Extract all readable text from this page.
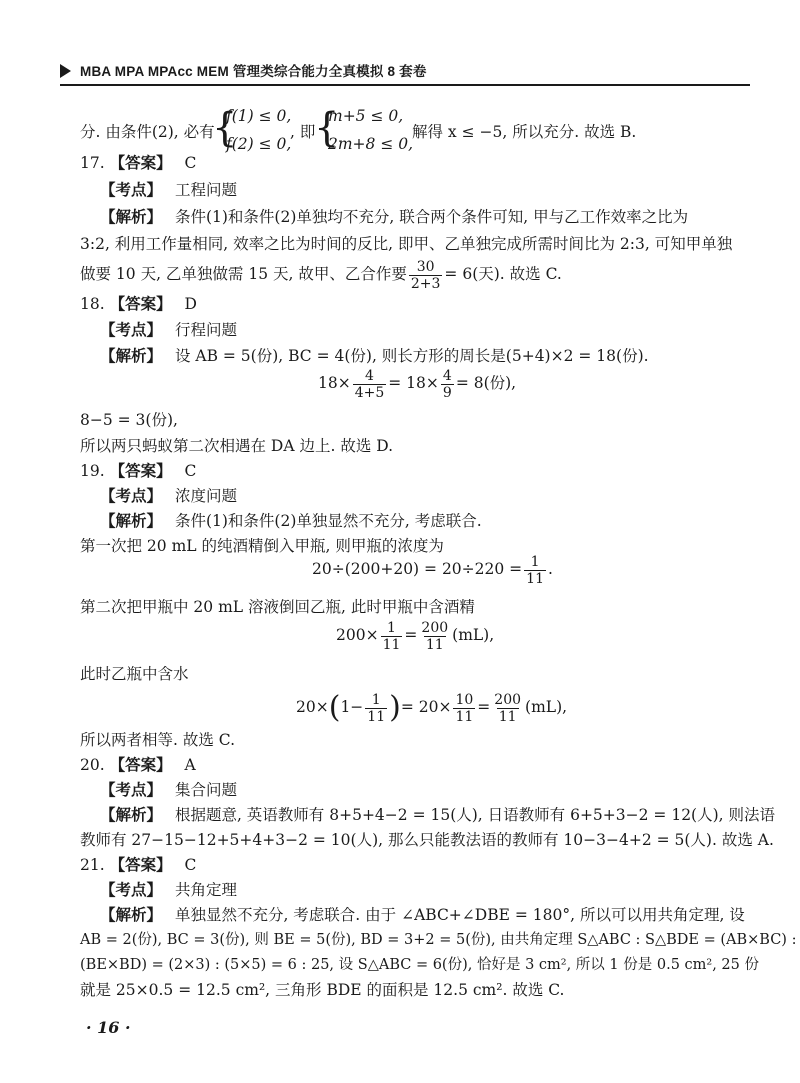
MBA MPA MPAcc MEM 管理类综合能力全真模拟 8 套卷
分. 由条件(2), 必有
{
f(1) ≤ 0,
f(2) ≤ 0,
, 即
{
m+5 ≤ 0,
2m+8 ≤ 0,
解得 x ≤ −5, 所以充分. 故选 B.
17. 【答案】 C
【考点】 工程问题
【解析】 条件(1)和条件(2)单独均不充分, 联合两个条件可知, 甲与乙工作效率之比为
3:2, 利用工作量相同, 效率之比为时间的反比, 即甲、乙单独完成所需时间比为 2:3, 可知甲单独
做要 10 天, 乙单独做需 15 天, 故甲、乙合作要 $\frac{30}{2+3} = 6$(天). 故选 C.
18. 【答案】 D
【考点】 行程问题
【解析】 设 AB = 5(份), BC = 4(份), 则长方形的周长是(5+4)×2 = 18(份).
$18\times \frac{4}{4+5} = 18\times \frac{4}{9} = 8$(份),
8−5 = 3(份),
所以两只蚂蚁第二次相遇在 DA 边上. 故选 D.
19. 【答案】 C
【考点】 浓度问题
【解析】 条件(1)和条件(2)单独显然不充分, 考虑联合.
第一次把 20 mL 的纯酒精倒入甲瓶, 则甲瓶的浓度为
$20\div(200+20) = 20\div 220 = \frac{1}{11}$ .
第二次把甲瓶中 20 mL 溶液倒回乙瓶, 此时甲瓶中含酒精
$200\times \frac{1}{11} = \frac{200}{11} (mL)$,
此时乙瓶中含水
$20\times(1- \frac{1}{11}$ )= $20\times \frac{10}{11} = \frac{200}{11} (mL)$,
所以两者相等. 故选 C.
20. 【答案】 A
【考点】 集合问题
【解析】 根据题意, 英语教师有 8+5+4−2 = 15(人), 日语教师有 6+5+3−2 = 12(人), 则法语
教师有 27−15−12+5+4+3−2 = 10(人), 那么只能教法语的教师有 10−3−4+2 = 5(人). 故选 A.
21. 【答案】 C
【考点】 共角定理
【解析】 单独显然不充分, 考虑联合. 由于 ∠ABC+∠DBE = 180°, 所以可以用共角定理, 设
AB = 2(份), BC = 3(份), 则 BE = 5(份), BD = 3+2 = 5(份), 由共角定理 S△ABC : S△BDE = (AB×BC) :
(BE×BD) = (2×3) : (5×5) = 6 : 25, 设 S△ABC = 6(份), 恰好是 3 cm², 所以 1 份是 0.5 cm², 25 份
就是 25×0.5 = 12.5 cm², 三角形 BDE 的面积是 12.5 cm². 故选 C.
· 16 ·
